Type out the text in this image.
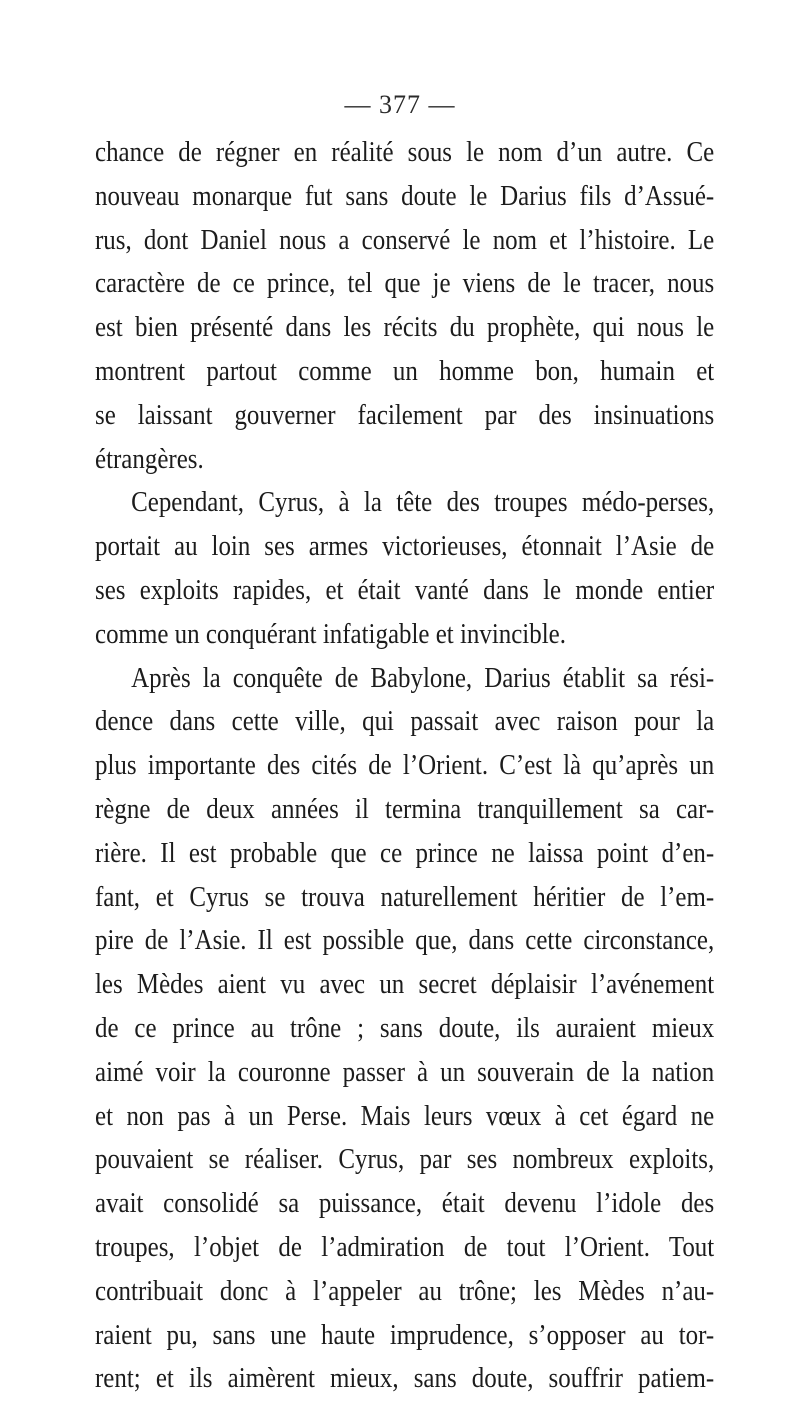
— 377 —
chance de régner en réalité sous le nom d’un autre. Ce
nouveau monarque fut sans doute le Darius fils d’Assué-
rus, dont Daniel nous a conservé le nom et l’histoire. Le
caractère de ce prince, tel que je viens de le tracer, nous
est bien présenté dans les récits du prophète, qui nous le
montrent partout comme un homme bon, humain et
se laissant gouverner facilement par des insinuations
étrangères.
Cependant, Cyrus, à la tête des troupes médo-perses,
portait au loin ses armes victorieuses, étonnait l’Asie de
ses exploits rapides, et était vanté dans le monde entier
comme un conquérant infatigable et invincible.
Après la conquête de Babylone, Darius établit sa rési-
dence dans cette ville, qui passait avec raison pour la
plus importante des cités de l’Orient. C’est là qu’après un
règne de deux années il termina tranquillement sa car-
rière. Il est probable que ce prince ne laissa point d’en-
fant, et Cyrus se trouva naturellement héritier de l’em-
pire de l’Asie. Il est possible que, dans cette circonstance,
les Mèdes aient vu avec un secret déplaisir l’avénement
de ce prince au trône ; sans doute, ils auraient mieux
aimé voir la couronne passer à un souverain de la nation
et non pas à un Perse. Mais leurs vœux à cet égard ne
pouvaient se réaliser. Cyrus, par ses nombreux exploits,
avait consolidé sa puissance, était devenu l’idole des
troupes, l’objet de l’admiration de tout l’Orient. Tout
contribuait donc à l’appeler au trône; les Mèdes n’au-
raient pu, sans une haute imprudence, s’opposer au tor-
rent; et ils aimèrent mieux, sans doute, souffrir patiem-
